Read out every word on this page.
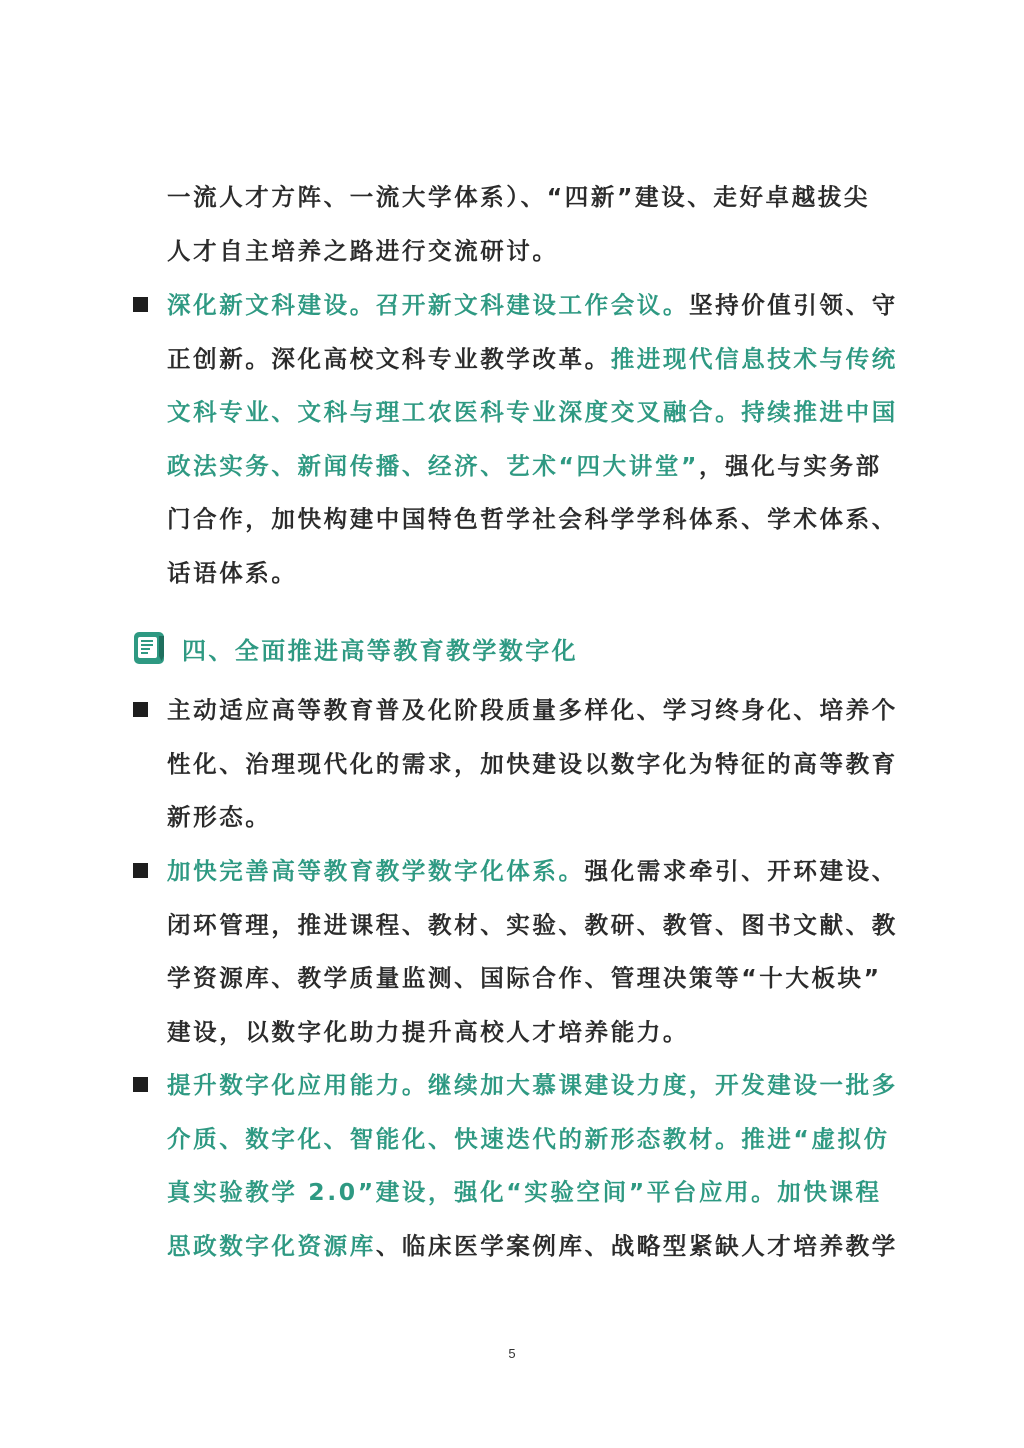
一流人才方阵、一流大学体系）、“四新”建设、走好卓越拔尖
人才自主培养之路进行交流研讨。
深化新文科建设。召开新文科建设工作会议。坚持价值引领、守
正创新。深化高校文科专业教学改革。推进现代信息技术与传统
文科专业、文科与理工农医科专业深度交叉融合。持续推进中国
政法实务、新闻传播、经济、艺术“四大讲堂”，强化与实务部
门合作，加快构建中国特色哲学社会科学学科体系、学术体系、
话语体系。
四、全面推进高等教育教学数字化
主动适应高等教育普及化阶段质量多样化、学习终身化、培养个
性化、治理现代化的需求，加快建设以数字化为特征的高等教育
新形态。
加快完善高等教育教学数字化体系。强化需求牵引、开环建设、
闭环管理，推进课程、教材、实验、教研、教管、图书文献、教
学资源库、教学质量监测、国际合作、管理决策等“十大板块”
建设，以数字化助力提升高校人才培养能力。
提升数字化应用能力。继续加大慕课建设力度，开发建设一批多
介质、数字化、智能化、快速迭代的新形态教材。推进“虚拟仿
真实验教学 2.0”建设，强化“实验空间”平台应用。加快课程
思政数字化资源库、临床医学案例库、战略型紧缺人才培养教学
5
